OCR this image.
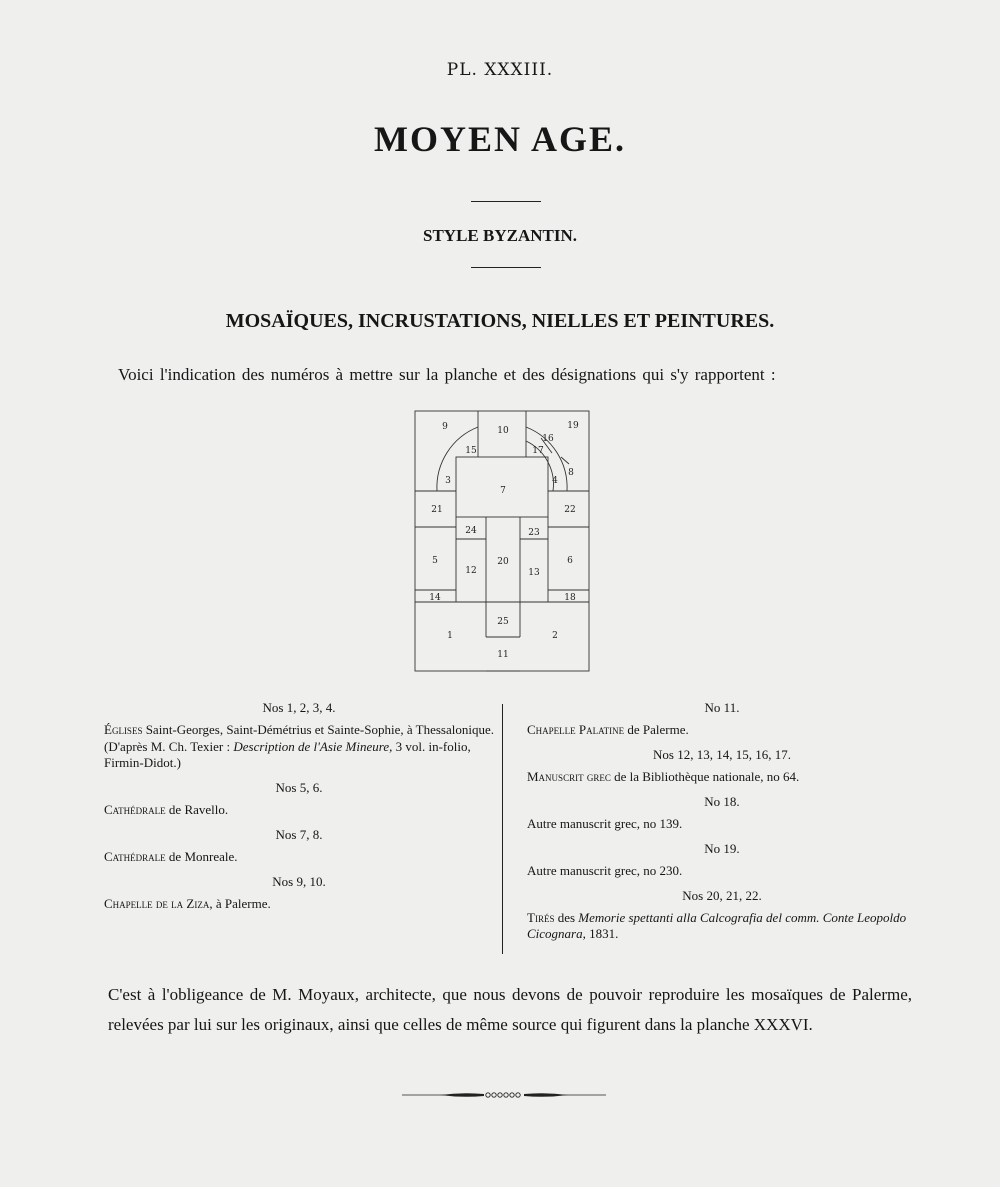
PL. XXXIII.
MOYEN AGE.
STYLE BYZANTIN.
MOSAÏQUES, INCRUSTATIONS, NIELLES ET PEINTURES.
Voici l'indication des numéros à mettre sur la planche et des désignations qui s'y rapportent :
9	10	19
15
16
17
3	4
8
7
21	22
24	23
5	6
12
20
13
14	18
25
1	2
11

Nos 1, 2, 3, 4.

Églises Saint-Georges, Saint-Démétrius et Sainte-Sophie, à Thessalonique.

(D'après M. Ch. Texier : Description de l'Asie Mineure, 3 vol. in-folio, Firmin-Didot.)

Nos 5, 6.

Cathédrale de Ravello.

Nos 7, 8.

Cathédrale de Monreale.

Nos 9, 10.

Chapelle de la Ziza, à Palerme.

No 11.

Chapelle Palatine de Palerme.

Nos 12, 13, 14, 15, 16, 17.

Manuscrit grec de la Bibliothèque nationale, no 64.

No 18.

Autre manuscrit grec, no 139.

No 19.

Autre manuscrit grec, no 230.

Nos 20, 21, 22.

Tirés des Memorie spettanti alla Calcografia del comm. Conte Leopoldo Cicognara, 1831.

C'est à l'obligeance de M. Moyaux, architecte, que nous devons de pouvoir reproduire les mosaïques de Palerme, relevées par lui sur les originaux, ainsi que celles de même source qui figurent dans la planche XXXVI.
